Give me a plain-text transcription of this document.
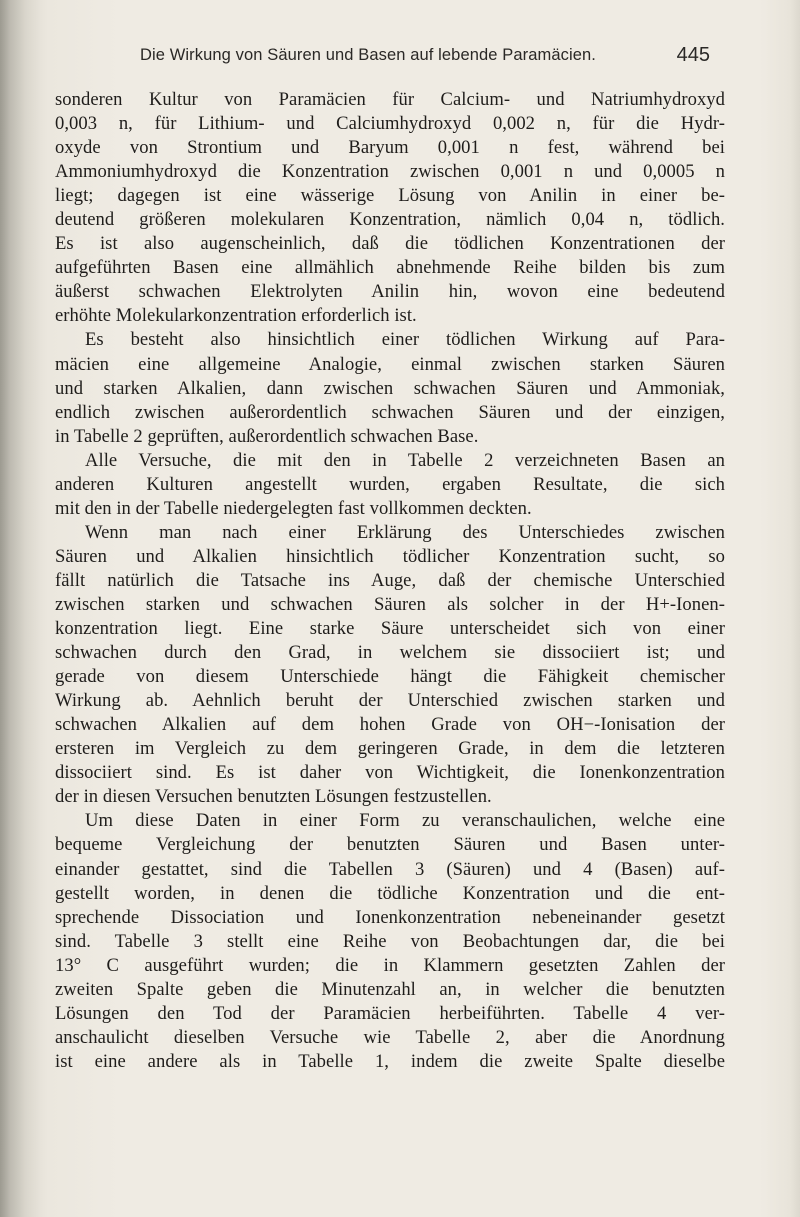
Die Wirkung von Säuren und Basen auf lebende Paramäcien.	445
sonderen Kultur von Paramäcien für Calcium- und Natriumhydroxyd
0,003 n, für Lithium- und Calciumhydroxyd 0,002 n, für die Hydr-
oxyde von Strontium und Baryum 0,001 n fest, während bei
Ammoniumhydroxyd die Konzentration zwischen 0,001 n und 0,0005 n
liegt; dagegen ist eine wässerige Lösung von Anilin in einer be-
deutend größeren molekularen Konzentration, nämlich 0,04 n, tödlich.
Es ist also augenscheinlich, daß die tödlichen Konzentrationen der
aufgeführten Basen eine allmählich abnehmende Reihe bilden bis zum
äußerst schwachen Elektrolyten Anilin hin, wovon eine bedeutend
erhöhte Molekularkonzentration erforderlich ist.
Es besteht also hinsichtlich einer tödlichen Wirkung auf Para-
mäcien eine allgemeine Analogie, einmal zwischen starken Säuren
und starken Alkalien, dann zwischen schwachen Säuren und Ammoniak,
endlich zwischen außerordentlich schwachen Säuren und der einzigen,
in Tabelle 2 geprüften, außerordentlich schwachen Base.
Alle Versuche, die mit den in Tabelle 2 verzeichneten Basen an
anderen Kulturen angestellt wurden, ergaben Resultate, die sich
mit den in der Tabelle niedergelegten fast vollkommen deckten.
Wenn man nach einer Erklärung des Unterschiedes zwischen
Säuren und Alkalien hinsichtlich tödlicher Konzentration sucht, so
fällt natürlich die Tatsache ins Auge, daß der chemische Unterschied
zwischen starken und schwachen Säuren als solcher in der H+-Ionen-
konzentration liegt. Eine starke Säure unterscheidet sich von einer
schwachen durch den Grad, in welchem sie dissociiert ist; und
gerade von diesem Unterschiede hängt die Fähigkeit chemischer
Wirkung ab. Aehnlich beruht der Unterschied zwischen starken und
schwachen Alkalien auf dem hohen Grade von OH−-Ionisation der
ersteren im Vergleich zu dem geringeren Grade, in dem die letzteren
dissociiert sind. Es ist daher von Wichtigkeit, die Ionenkonzentration
der in diesen Versuchen benutzten Lösungen festzustellen.
Um diese Daten in einer Form zu veranschaulichen, welche eine
bequeme Vergleichung der benutzten Säuren und Basen unter-
einander gestattet, sind die Tabellen 3 (Säuren) und 4 (Basen) auf-
gestellt worden, in denen die tödliche Konzentration und die ent-
sprechende Dissociation und Ionenkonzentration nebeneinander gesetzt
sind. Tabelle 3 stellt eine Reihe von Beobachtungen dar, die bei
13° C ausgeführt wurden; die in Klammern gesetzten Zahlen der
zweiten Spalte geben die Minutenzahl an, in welcher die benutzten
Lösungen den Tod der Paramäcien herbeiführten. Tabelle 4 ver-
anschaulicht dieselben Versuche wie Tabelle 2, aber die Anordnung
ist eine andere als in Tabelle 1, indem die zweite Spalte dieselbe
